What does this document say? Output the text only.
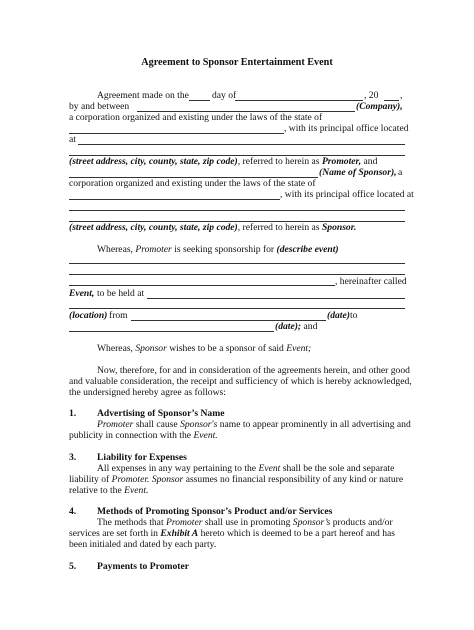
Agreement to Sponsor Entertainment Event
Agreement made on the day of	, 20 ,
by and between	(Company),
a corporation organized and existing under the laws of the state of
, with its principal office located
at
(street address, city, county, state, zip code), referred to herein as Promoter, and
(Name of Sponsor), a
corporation organized and existing under the laws of the state of
, with its principal office located at
(street address, city, county, state, zip code), referred to herein as Sponsor.
Whereas, Promoter is seeking sponsorship for (describe event)
, hereinafter called
Event, to be held at
(location) from	(date) to
(date); and
Whereas, Sponsor wishes to be a sponsor of said Event;
Now, therefore, for and in consideration of the agreements herein, and other good
and valuable consideration, the receipt and sufficiency of which is hereby acknowledged,
the undersigned hereby agree as follows:
1. Advertising of Sponsor’s Name
Promoter shall cause Sponsor's name to appear prominently in all advertising and
publicity in connection with the Event.
3. Liability for Expenses
All expenses in any way pertaining to the Event shall be the sole and separate
liability of Promoter. Sponsor assumes no financial responsibility of any kind or nature
relative to the Event.
4. Methods of Promoting Sponsor’s Product and/or Services
The methods that Promoter shall use in promoting Sponsor’s products and/or
services are set forth in Exhibit A hereto which is deemed to be a part hereof and has
been initialed and dated by each party.
5. Payments to Promoter
